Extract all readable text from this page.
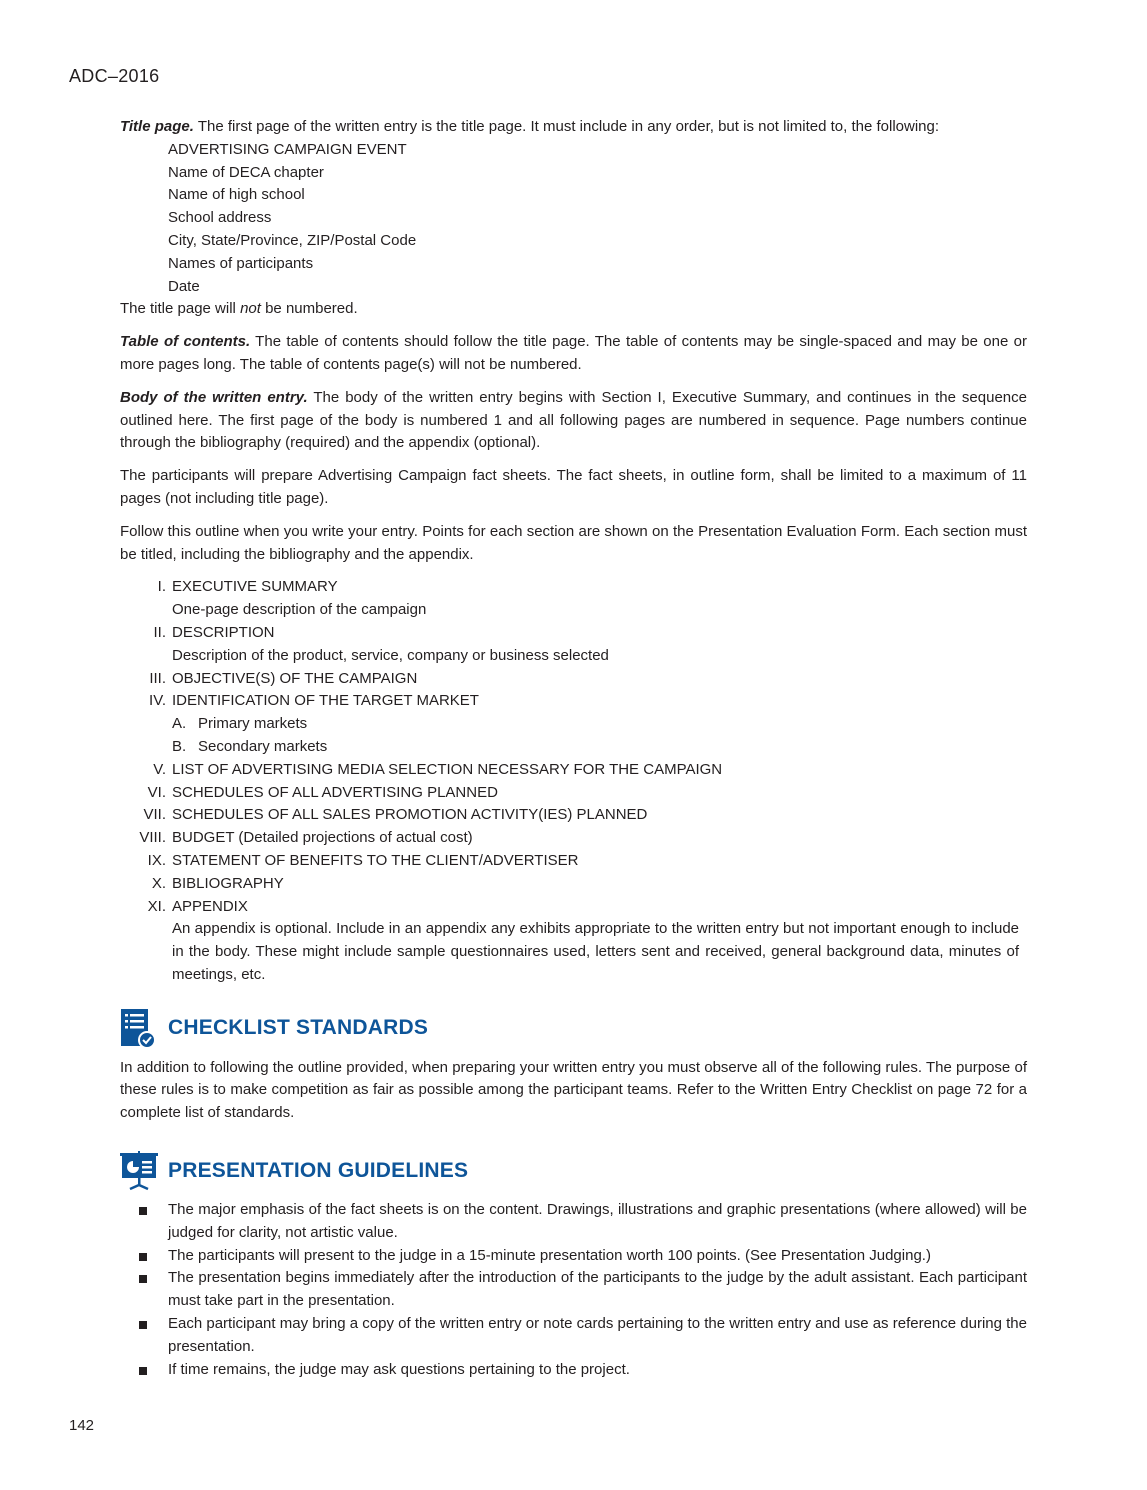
ADC–2016

Title page. The first page of the written entry is the title page. It must include in any order, but is not limited to, the following:

ADVERTISING CAMPAIGN EVENT
Name of DECA chapter
Name of high school
School address
City, State/Province, ZIP/Postal Code
Names of participants
Date

The title page will not be numbered.

Table of contents. The table of contents should follow the title page. The table of contents may be single-spaced and may be one or more pages long. The table of contents page(s) will not be numbered.

Body of the written entry. The body of the written entry begins with Section I, Executive Summary, and continues in the sequence outlined here. The first page of the body is numbered 1 and all following pages are numbered in sequence. Page numbers continue through the bibliography (required) and the appendix (optional).

The participants will prepare Advertising Campaign fact sheets. The fact sheets, in outline form, shall be limited to a maximum of 11 pages (not including title page).

Follow this outline when you write your entry. Points for each section are shown on the Presentation Evaluation Form. Each section must be titled, including the bibliography and the appendix.

I. EXECUTIVE SUMMARY
One-page description of the campaign
II. DESCRIPTION
Description of the product, service, company or business selected
III. OBJECTIVE(S) OF THE CAMPAIGN
IV. IDENTIFICATION OF THE TARGET MARKET
A. Primary markets
B. Secondary markets
V. LIST OF ADVERTISING MEDIA SELECTION NECESSARY FOR THE CAMPAIGN
VI. SCHEDULES OF ALL ADVERTISING PLANNED
VII. SCHEDULES OF ALL SALES PROMOTION ACTIVITY(IES) PLANNED
VIII. BUDGET (Detailed projections of actual cost)
IX. STATEMENT OF BENEFITS TO THE CLIENT/ADVERTISER
X. BIBLIOGRAPHY
XI. APPENDIX
An appendix is optional. Include in an appendix any exhibits appropriate to the written entry but not important enough to include in the body. These might include sample questionnaires used, letters sent and received, general background data, minutes of meetings, etc.
CHECKLIST STANDARDS

In addition to following the outline provided, when preparing your written entry you must observe all of the following rules. The purpose of these rules is to make competition as fair as possible among the participant teams. Refer to the Written Entry Checklist on page 72 for a complete list of standards.

PRESENTATION GUIDELINES
The major emphasis of the fact sheets is on the content. Drawings, illustrations and graphic presentations (where allowed) will be judged for clarity, not artistic value.
The participants will present to the judge in a 15-minute presentation worth 100 points. (See Presentation Judging.)
The presentation begins immediately after the introduction of the participants to the judge by the adult assistant. Each participant must take part in the presentation.
Each participant may bring a copy of the written entry or note cards pertaining to the written entry and use as reference during the presentation.
If time remains, the judge may ask questions pertaining to the project.
142
